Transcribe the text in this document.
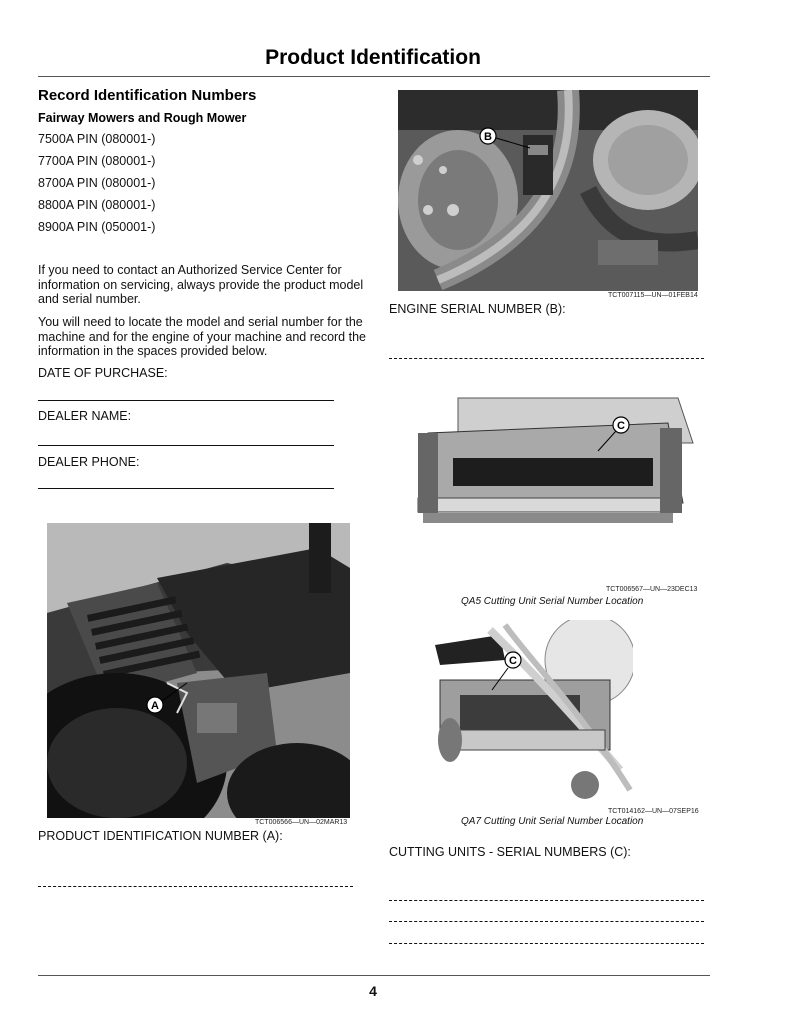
Product Identification
Record Identification Numbers
Fairway Mowers and Rough Mower
7500A PIN (080001-)
7700A PIN (080001-)
8700A PIN (080001-)
8800A PIN (080001-)
8900A PIN (050001-)
If you need to contact an Authorized Service Center for information on servicing, always provide the product model and serial number.
You will need to locate the model and serial number for the machine and for the engine of your machine and record the information in the spaces provided below.
DATE OF PURCHASE:
DEALER NAME:
DEALER PHONE:
A
TCT006566—UN—02MAR13
PRODUCT IDENTIFICATION NUMBER (A):
B
TCT007115—UN—01FEB14
ENGINE SERIAL NUMBER (B):
C
TCT006567—UN—23DEC13
QA5 Cutting Unit Serial Number Location
C
TCT014162—UN—07SEP16
QA7 Cutting Unit Serial Number Location
CUTTING UNITS - SERIAL NUMBERS (C):
4
